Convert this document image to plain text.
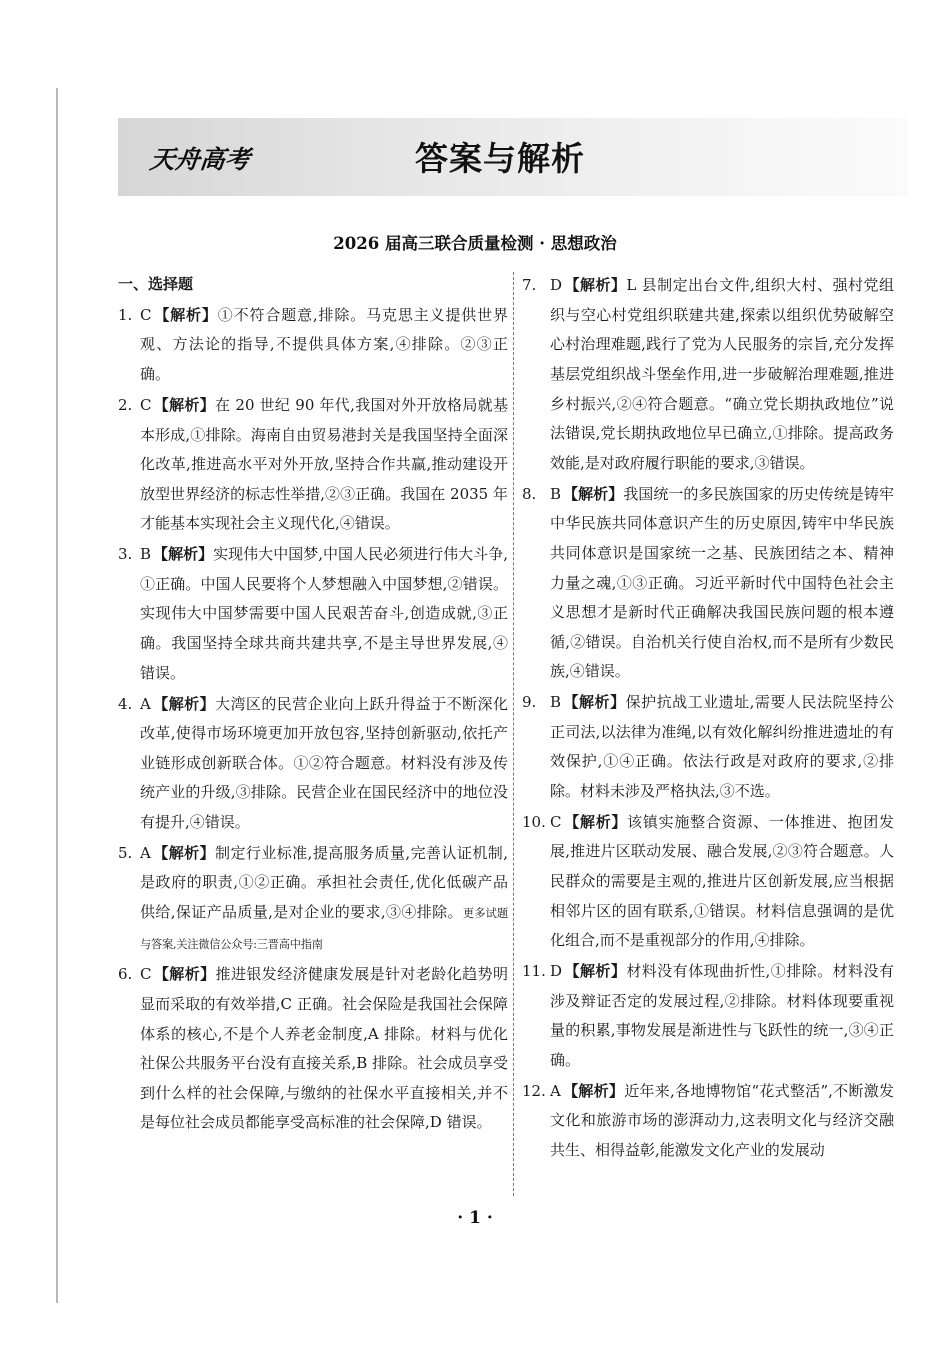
天舟高考	答案与解析
2026 届高三联合质量检测 · 思想政治
一、选择题
1. C 【解析】①不符合题意,排除。马克思主义提供世界观、方法论的指导,不提供具体方案,④排除。②③正确。
2. C 【解析】在 20 世纪 90 年代,我国对外开放格局就基本形成,①排除。海南自由贸易港封关是我国坚持全面深化改革,推进高水平对外开放,坚持合作共赢,推动建设开放型世界经济的标志性举措,②③正确。我国在 2035 年才能基本实现社会主义现代化,④错误。
3. B 【解析】实现伟大中国梦,中国人民必须进行伟大斗争,①正确。中国人民要将个人梦想融入中国梦想,②错误。实现伟大中国梦需要中国人民艰苦奋斗,创造成就,③正确。我国坚持全球共商共建共享,不是主导世界发展,④错误。
4. A 【解析】大湾区的民营企业向上跃升得益于不断深化改革,使得市场环境更加开放包容,坚持创新驱动,依托产业链形成创新联合体。①②符合题意。材料没有涉及传统产业的升级,③排除。民营企业在国民经济中的地位没有提升,④错误。
5. A 【解析】制定行业标准,提高服务质量,完善认证机制,是政府的职责,①②正确。承担社会责任,优化低碳产品供给,保证产品质量,是对企业的要求,③④排除。更多试题与答案,关注微信公众号:三晋高中指南
6. C 【解析】推进银发经济健康发展是针对老龄化趋势明显而采取的有效举措,C 正确。社会保险是我国社会保障体系的核心,不是个人养老金制度,A 排除。材料与优化社保公共服务平台没有直接关系,B 排除。社会成员享受到什么样的社会保障,与缴纳的社保水平直接相关,并不是每位社会成员都能享受高标准的社会保障,D 错误。
7. D 【解析】L 县制定出台文件,组织大村、强村党组织与空心村党组织联建共建,探索以组织优势破解空心村治理难题,践行了党为人民服务的宗旨,充分发挥基层党组织战斗堡垒作用,进一步破解治理难题,推进乡村振兴,②④符合题意。“确立党长期执政地位”说法错误,党长期执政地位早已确立,①排除。提高政务效能,是对政府履行职能的要求,③错误。
8. B 【解析】我国统一的多民族国家的历史传统是铸牢中华民族共同体意识产生的历史原因,铸牢中华民族共同体意识是国家统一之基、民族团结之本、精神力量之魂,①③正确。习近平新时代中国特色社会主义思想才是新时代正确解决我国民族问题的根本遵循,②错误。自治机关行使自治权,而不是所有少数民族,④错误。
9. B 【解析】保护抗战工业遗址,需要人民法院坚持公正司法,以法律为准绳,以有效化解纠纷推进遗址的有效保护,①④正确。依法行政是对政府的要求,②排除。材料未涉及严格执法,③不选。
10. C 【解析】该镇实施整合资源、一体推进、抱团发展,推进片区联动发展、融合发展,②③符合题意。人民群众的需要是主观的,推进片区创新发展,应当根据相邻片区的固有联系,①错误。材料信息强调的是优化组合,而不是重视部分的作用,④排除。
11. D 【解析】材料没有体现曲折性,①排除。材料没有涉及辩证否定的发展过程,②排除。材料体现要重视量的积累,事物发展是渐进性与飞跃性的统一,③④正确。
12. A 【解析】近年来,各地博物馆“花式整活”,不断激发文化和旅游市场的澎湃动力,这表明文化与经济交融共生、相得益彰,能激发文化产业的发展动
· 1 ·
